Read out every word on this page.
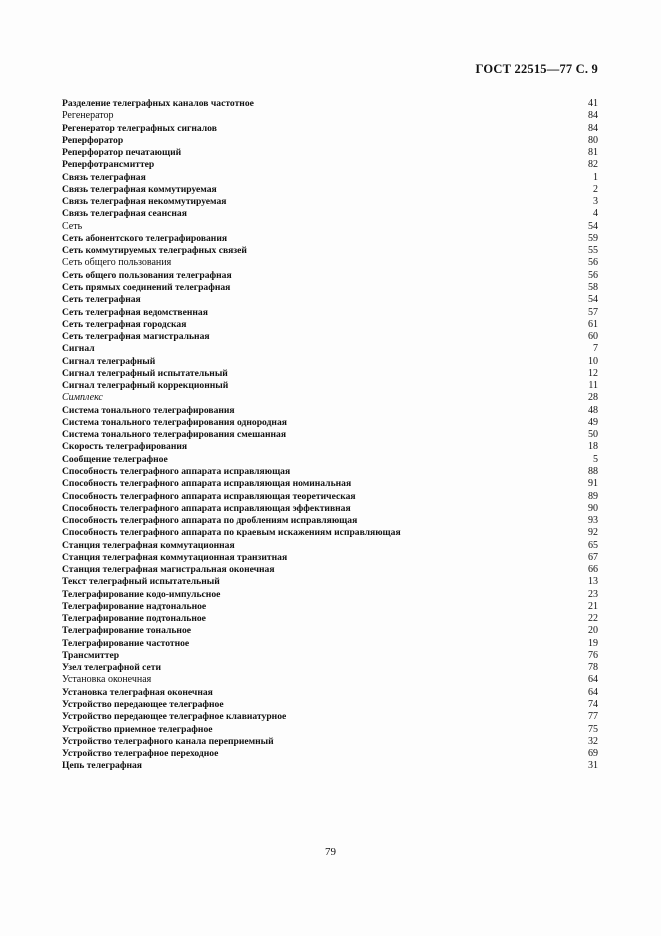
ГОСТ 22515—77 С. 9
Разделение телеграфных каналов частотное	41
Регенератор	84
Регенератор телеграфных сигналов	84
Реперфоратор	80
Реперфоратор печатающий	81
Реперфотрансмиттер	82
Связь телеграфная	1
Связь телеграфная коммутируемая	2
Связь телеграфная некоммутируемая	3
Связь телеграфная сеансная	4
Сеть	54
Сеть абонентского телеграфирования	59
Сеть коммутируемых телеграфных связей	55
Сеть общего пользования	56
Сеть общего пользования телеграфная	56
Сеть прямых соединений телеграфная	58
Сеть телеграфная	54
Сеть телеграфная ведомственная	57
Сеть телеграфная городская	61
Сеть телеграфная магистральная	60
Сигнал	7
Сигнал телеграфный	10
Сигнал телеграфный испытательный	12
Сигнал телеграфный коррекционный	11
Симплекс	28
Система тонального телеграфирования	48
Система тонального телеграфирования однородная	49
Система тонального телеграфирования смешанная	50
Скорость телеграфирования	18
Сообщение телеграфное	5
Способность телеграфного аппарата исправляющая	88
Способность телеграфного аппарата исправляющая номинальная	91
Способность телеграфного аппарата исправляющая теоретическая	89
Способность телеграфного аппарата исправляющая эффективная	90
Способность телеграфного аппарата по дроблениям исправляющая	93
Способность телеграфного аппарата по краевым искажениям исправляющая	92
Станция телеграфная коммутационная	65
Станция телеграфная коммутационная транзитная	67
Станция телеграфная магистральная оконечная	66
Текст телеграфный испытательный	13
Телеграфирование кодо-импульсное	23
Телеграфирование надтональное	21
Телеграфирование подтональное	22
Телеграфирование тональное	20
Телеграфирование частотное	19
Трансмиттер	76
Узел телеграфной сети	78
Установка оконечная	64
Установка телеграфная оконечная	64
Устройство передающее телеграфное	74
Устройство передающее телеграфное клавиатурное	77
Устройство приемное телеграфное	75
Устройство телеграфного канала переприемный	32
Устройство телеграфное переходное	69
Цепь телеграфная	31
79
